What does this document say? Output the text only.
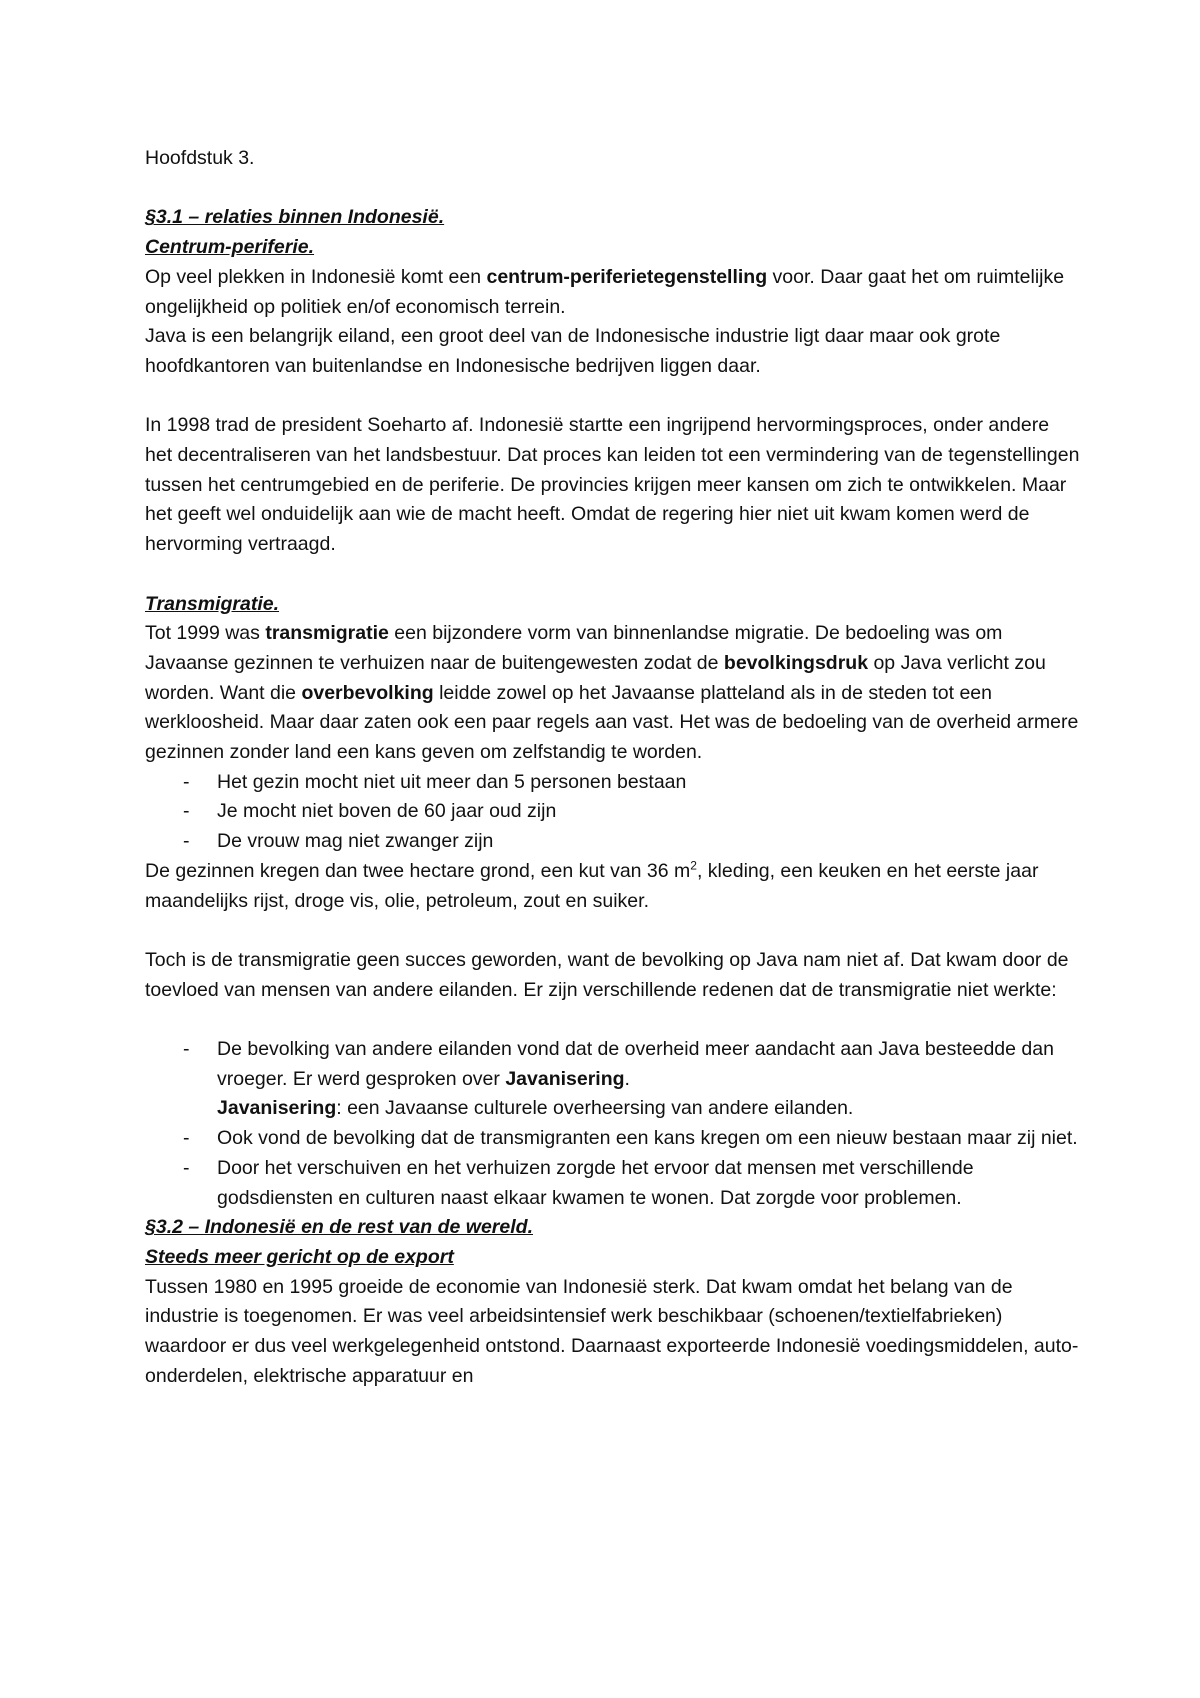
Hoofdstuk 3.

§3.1 – relaties binnen Indonesië.

Centrum-periferie.

Op veel plekken in Indonesië komt een centrum-periferietegenstelling voor. Daar gaat het om ruimtelijke ongelijkheid op politiek en/of economisch terrein.

Java is een belangrijk eiland, een groot deel van de Indonesische industrie ligt daar maar ook grote hoofdkantoren van buitenlandse en Indonesische bedrijven liggen daar.

In 1998 trad de president Soeharto af. Indonesië startte een ingrijpend hervormingsproces, onder andere het decentraliseren van het landsbestuur. Dat proces kan leiden tot een vermindering van de tegenstellingen tussen het centrumgebied en de periferie. De provincies krijgen meer kansen om zich te ontwikkelen. Maar het geeft wel onduidelijk aan wie de macht heeft. Omdat de regering hier niet uit kwam komen werd de hervorming vertraagd.

Transmigratie.

Tot 1999 was transmigratie een bijzondere vorm van binnenlandse migratie. De bedoeling was om Javaanse gezinnen te verhuizen naar de buitengewesten zodat de bevolkingsdruk op Java verlicht zou worden. Want die overbevolking leidde zowel op het Javaanse platteland als in de steden tot een werkloosheid. Maar daar zaten ook een paar regels aan vast. Het was de bedoeling van de overheid armere gezinnen zonder land een kans geven om zelfstandig te worden.

- Het gezin mocht niet uit meer dan 5 personen bestaan
- Je mocht niet boven de 60 jaar oud zijn
- De vrouw mag niet zwanger zijn

De gezinnen kregen dan twee hectare grond, een kut van 36 $m^2$, kleding, een keuken en het eerste jaar maandelijks rijst, droge vis, olie, petroleum, zout en suiker.

Toch is de transmigratie geen succes geworden, want de bevolking op Java nam niet af. Dat kwam door de toevloed van mensen van andere eilanden. Er zijn verschillende redenen dat de transmigratie niet werkte:

- De bevolking van andere eilanden vond dat de overheid meer aandacht aan Java besteedde dan vroeger. Er werd gesproken over Javanisering.
Javanisering: een Javaanse culturele overheersing van andere eilanden.
- Ook vond de bevolking dat de transmigranten een kans kregen om een nieuw bestaan maar zij niet.
- Door het verschuiven en het verhuizen zorgde het ervoor dat mensen met verschillende godsdiensten en culturen naast elkaar kwamen te wonen. Dat zorgde voor problemen.

§3.2 – Indonesië en de rest van de wereld.

Steeds meer gericht op de export

Tussen 1980 en 1995 groeide de economie van Indonesië sterk. Dat kwam omdat het belang van de industrie is toegenomen. Er was veel arbeidsintensief werk beschikbaar (schoenen/textielfabrieken) waardoor er dus veel werkgelegenheid ontstond. Daarnaast exporteerde Indonesië voedingsmiddelen, auto-onderdelen, elektrische apparatuur en
